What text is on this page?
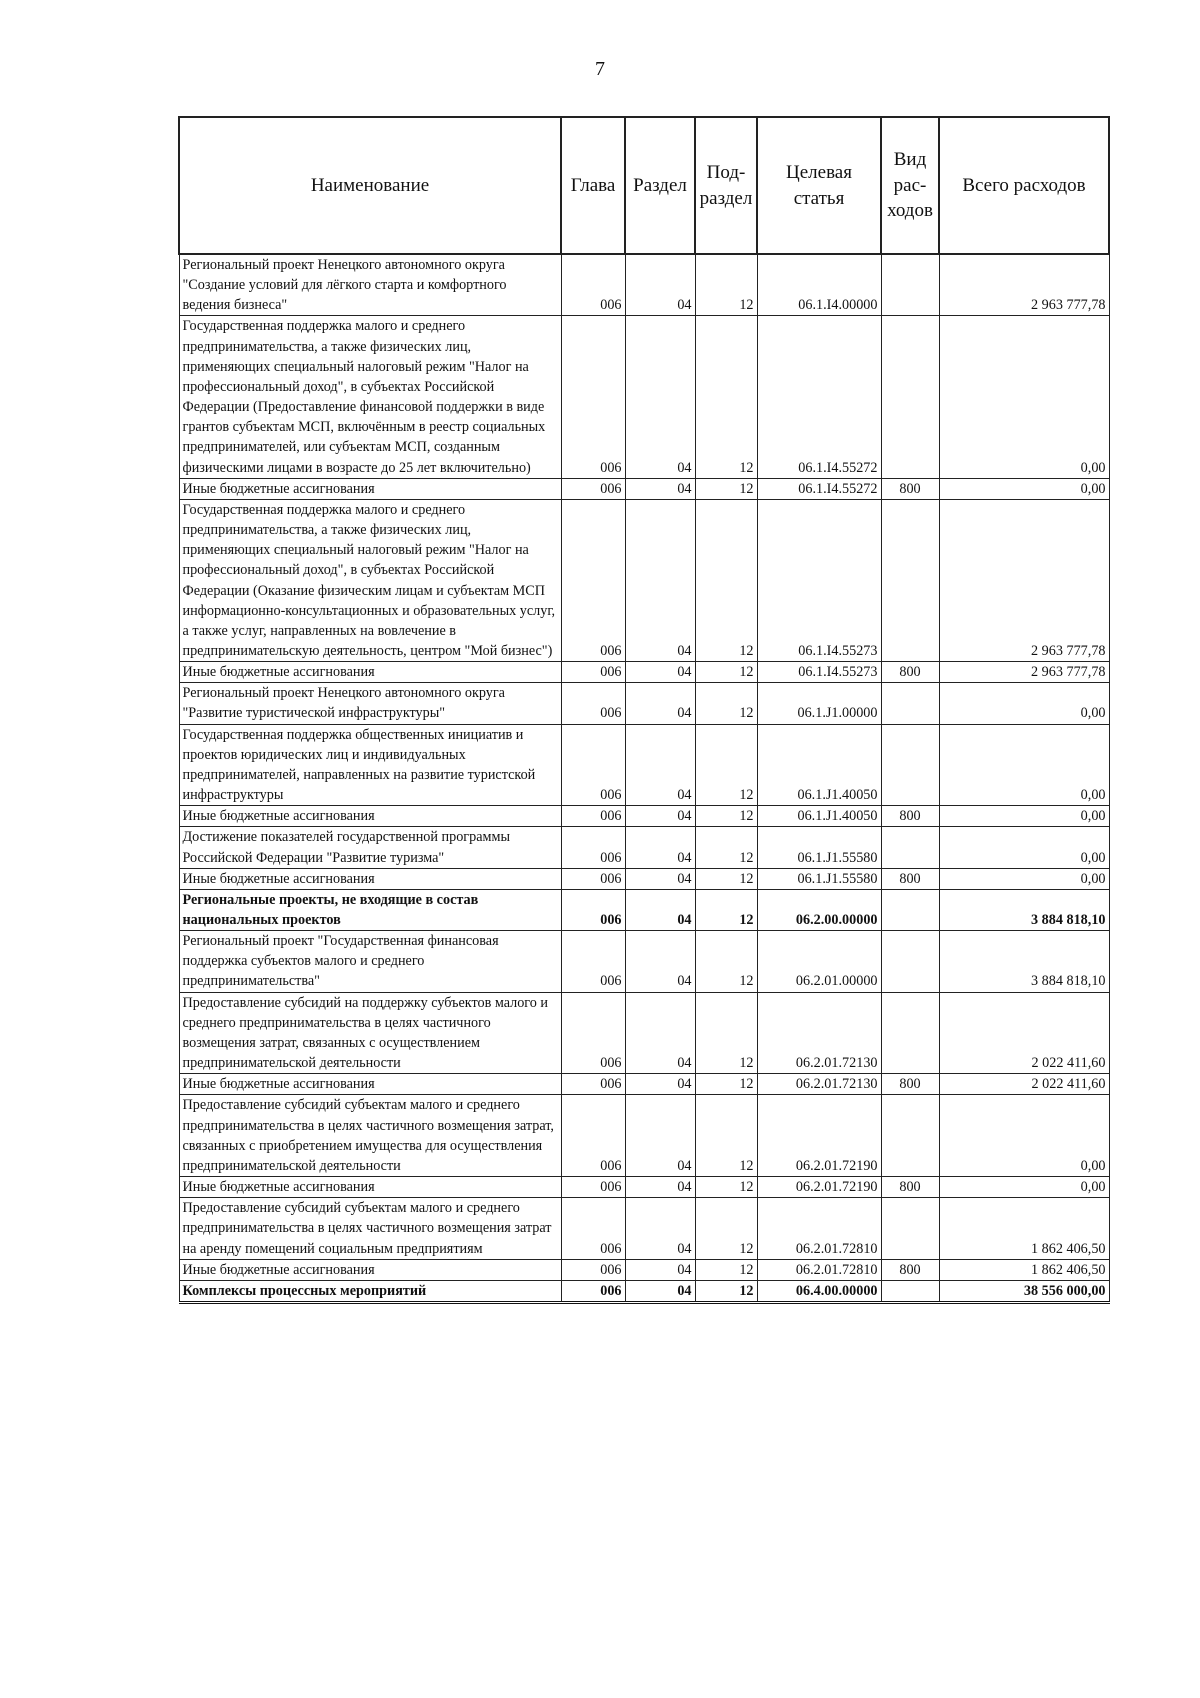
7
Наименование	Глава	Раздел	Под-раздел	Целевая статья	Вид рас-ходов	Всего расходов
Региональный проект Ненецкого автономного округа "Создание условий для лёгкого старта и комфортного ведения бизнеса"	006	04	12	06.1.I4.00000		2 963 777,78
Государственная поддержка малого и среднего предпринимательства, а также физических лиц, применяющих специальный налоговый режим "Налог на профессиональный доход", в субъектах Российской Федерации (Предоставление финансовой поддержки в виде грантов субъектам МСП, включённым в реестр социальных предпринимателей, или субъектам МСП, созданным физическими лицами в возрасте до 25 лет включительно)	006	04	12	06.1.I4.55272		0,00
Иные бюджетные ассигнования	006	04	12	06.1.I4.55272	800	0,00
Государственная поддержка малого и среднего предпринимательства, а также физических лиц, применяющих специальный налоговый режим "Налог на профессиональный доход", в субъектах Российской Федерации (Оказание физическим лицам и субъектам МСП информационно-консультационных и образовательных услуг, а также услуг, направленных на вовлечение в предпринимательскую деятельность, центром "Мой бизнес")	006	04	12	06.1.I4.55273		2 963 777,78
Иные бюджетные ассигнования	006	04	12	06.1.I4.55273	800	2 963 777,78
Региональный проект Ненецкого автономного округа "Развитие туристической инфраструктуры"	006	04	12	06.1.J1.00000		0,00
Государственная поддержка общественных инициатив и проектов юридических лиц и индивидуальных предпринимателей, направленных на развитие туристской инфраструктуры	006	04	12	06.1.J1.40050		0,00
Иные бюджетные ассигнования	006	04	12	06.1.J1.40050	800	0,00
Достижение показателей государственной программы Российской Федерации "Развитие туризма"	006	04	12	06.1.J1.55580		0,00
Иные бюджетные ассигнования	006	04	12	06.1.J1.55580	800	0,00
Региональные проекты, не входящие в состав национальных проектов	006	04	12	06.2.00.00000		3 884 818,10
Региональный проект "Государственная финансовая поддержка субъектов малого и среднего предпринимательства"	006	04	12	06.2.01.00000		3 884 818,10
Предоставление субсидий на поддержку субъектов малого и среднего предпринимательства в целях частичного возмещения затрат, связанных с осуществлением предпринимательской деятельности	006	04	12	06.2.01.72130		2 022 411,60
Иные бюджетные ассигнования	006	04	12	06.2.01.72130	800	2 022 411,60
Предоставление субсидий субъектам малого и среднего предпринимательства в целях частичного возмещения затрат, связанных с приобретением имущества для осуществления предпринимательской деятельности	006	04	12	06.2.01.72190		0,00
Иные бюджетные ассигнования	006	04	12	06.2.01.72190	800	0,00
Предоставление субсидий субъектам малого и среднего предпринимательства в целях частичного возмещения затрат на аренду помещений социальным предприятиям	006	04	12	06.2.01.72810		1 862 406,50
Иные бюджетные ассигнования	006	04	12	06.2.01.72810	800	1 862 406,50
Комплексы процессных мероприятий	006	04	12	06.4.00.00000		38 556 000,00
